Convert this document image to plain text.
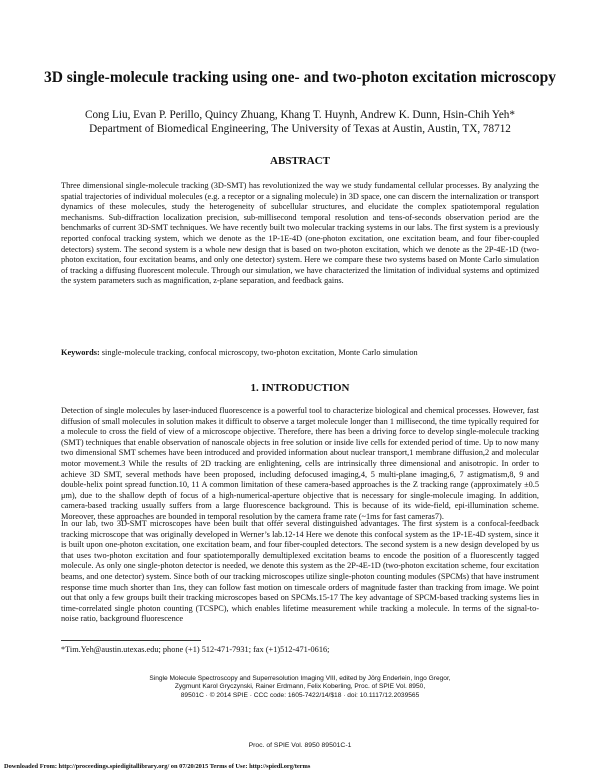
3D single-molecule tracking using one- and two-photon excitation microscopy
Cong Liu, Evan P. Perillo, Quincy Zhuang, Khang T. Huynh, Andrew K. Dunn, Hsin-Chih Yeh*
Department of Biomedical Engineering, The University of Texas at Austin, Austin, TX, 78712
ABSTRACT

Three dimensional single-molecule tracking (3D-SMT) has revolutionized the way we study fundamental cellular processes. By analyzing the spatial trajectories of individual molecules (e.g. a receptor or a signaling molecule) in 3D space, one can discern the internalization or transport dynamics of these molecules, study the heterogeneity of subcellular structures, and elucidate the complex spatiotemporal regulation mechanisms. Sub-diffraction localization precision, sub-millisecond temporal resolution and tens-of-seconds observation period are the benchmarks of current 3D-SMT techniques. We have recently built two molecular tracking systems in our labs. The first system is a previously reported confocal tracking system, which we denote as the 1P-1E-4D (one-photon excitation, one excitation beam, and four fiber-coupled detectors) system. The second system is a whole new design that is based on two-photon excitation, which we denote as the 2P-4E-1D (two-photon excitation, four excitation beams, and only one detector) system. Here we compare these two systems based on Monte Carlo simulation of tracking a diffusing fluorescent molecule. Through our simulation, we have characterized the limitation of individual systems and optimized the system parameters such as magnification, z-plane separation, and feedback gains.

Keywords: single-molecule tracking, confocal microscopy, two-photon excitation, Monte Carlo simulation

1. INTRODUCTION

Detection of single molecules by laser-induced fluorescence is a powerful tool to characterize biological and chemical processes. However, fast diffusion of small molecules in solution makes it difficult to observe a target molecule longer than 1 millisecond, the time typically required for a molecule to cross the field of view of a microscope objective. Therefore, there has been a driving force to develop single-molecule tracking (SMT) techniques that enable observation of nanoscale objects in free solution or inside live cells for extended period of time. Up to now many two dimensional SMT schemes have been introduced and provided information about nuclear transport,1 membrane diffusion,2 and molecular motor movement.3 While the results of 2D tracking are enlightening, cells are intrinsically three dimensional and anisotropic. In order to achieve 3D SMT, several methods have been proposed, including defocused imaging,4, 5 multi-plane imaging,6, 7 astigmatism,8, 9 and double-helix point spread function.10, 11 A common limitation of these camera-based approaches is the Z tracking range (approximately ±0.5 μm), due to the shallow depth of focus of a high-numerical-aperture objective that is necessary for single-molecule imaging. In addition, camera-based tracking usually suffers from a large fluorescence background. This is because of its wide-field, epi-illumination scheme. Moreover, these approaches are bounded in temporal resolution by the camera frame rate (~1ms for fast cameras7).

In our lab, two 3D-SMT microscopes have been built that offer several distinguished advantages. The first system is a confocal-feedback tracking microscope that was originally developed in Werner’s lab.12-14 Here we denote this confocal system as the 1P-1E-4D system, since it is built upon one-photon excitation, one excitation beam, and four fiber-coupled detectors. The second system is a new design developed by us that uses two-photon excitation and four spatiotemporally demultiplexed excitation beams to encode the position of a fluorescently tagged molecule. As only one single-photon detector is needed, we denote this system as the 2P-4E-1D (two-photon excitation scheme, four excitation beams, and one detector) system. Since both of our tracking microscopes utilize single-photon counting modules (SPCMs) that have instrument response time much shorter than 1ns, they can follow fast motion on timescale orders of magnitude faster than tracking from image. We point out that only a few groups built their tracking microscopes based on SPCMs.15-17 The key advantage of SPCM-based tracking systems lies in time-correlated single photon counting (TCSPC), which enables lifetime measurement while tracking a molecule. In terms of the signal-to-noise ratio, background fluorescence

*Tim.Yeh@austin.utexas.edu; phone (+1) 512-471-7931; fax (+1)512-471-0616;
Single Molecule Spectroscopy and Superresolution Imaging VIII, edited by Jörg Enderlein, Ingo Gregor,
Zygmunt Karol Gryczynski, Rainer Erdmann, Felix Koberling, Proc. of SPIE Vol. 8950,
89501C · © 2014 SPIE · CCC code: 1605-7422/14/$18 · doi: 10.1117/12.2039565
Proc. of SPIE Vol. 8950 89501C-1
Downloaded From: http://proceedings.spiedigitallibrary.org/ on 07/20/2015 Terms of Use: http://spiedl.org/terms
